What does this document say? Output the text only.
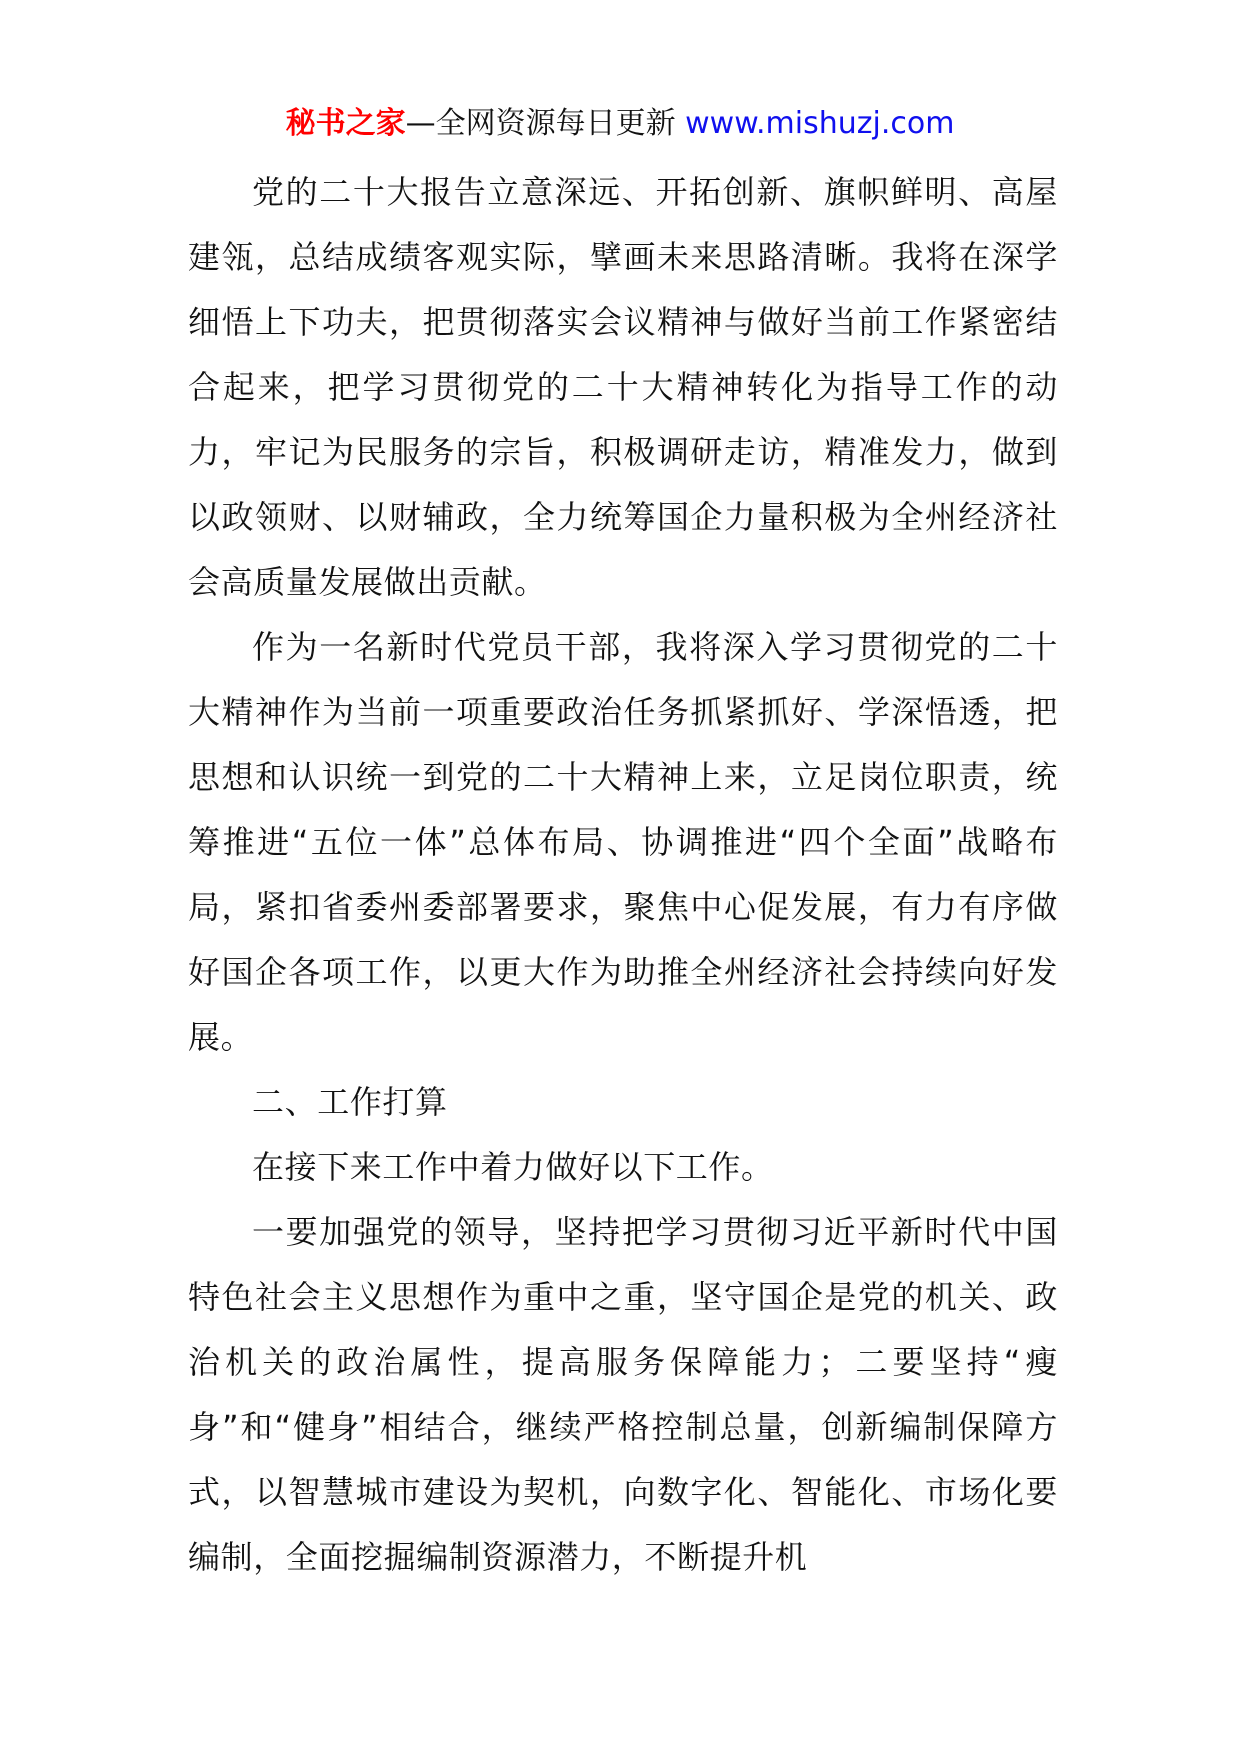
秘书之家—全网资源每日更新 www.mishuzj.com

党的二十大报告立意深远、开拓创新、旗帜鲜明、高屋建瓴，总结成绩客观实际，擘画未来思路清晰。我将在深学细悟上下功夫，把贯彻落实会议精神与做好当前工作紧密结合起来，把学习贯彻党的二十大精神转化为指导工作的动力，牢记为民服务的宗旨，积极调研走访，精准发力，做到以政领财、以财辅政，全力统筹国企力量积极为全州经济社会高质量发展做出贡献。

作为一名新时代党员干部，我将深入学习贯彻党的二十大精神作为当前一项重要政治任务抓紧抓好、学深悟透，把思想和认识统一到党的二十大精神上来，立足岗位职责，统筹推进“五位一体”总体布局、协调推进“四个全面”战略布局，紧扣省委州委部署要求，聚焦中心促发展，有力有序做好国企各项工作，以更大作为助推全州经济社会持续向好发展。

二、工作打算

在接下来工作中着力做好以下工作。

一要加强党的领导，坚持把学习贯彻习近平新时代中国特色社会主义思想作为重中之重，坚守国企是党的机关、政治机关的政治属性，提高服务保障能力；二要坚持“瘦身”和“健身”相结合，继续严格控制总量，创新编制保障方式，以智慧城市建设为契机，向数字化、智能化、市场化要编制，全面挖掘编制资源潜力，不断提升机
